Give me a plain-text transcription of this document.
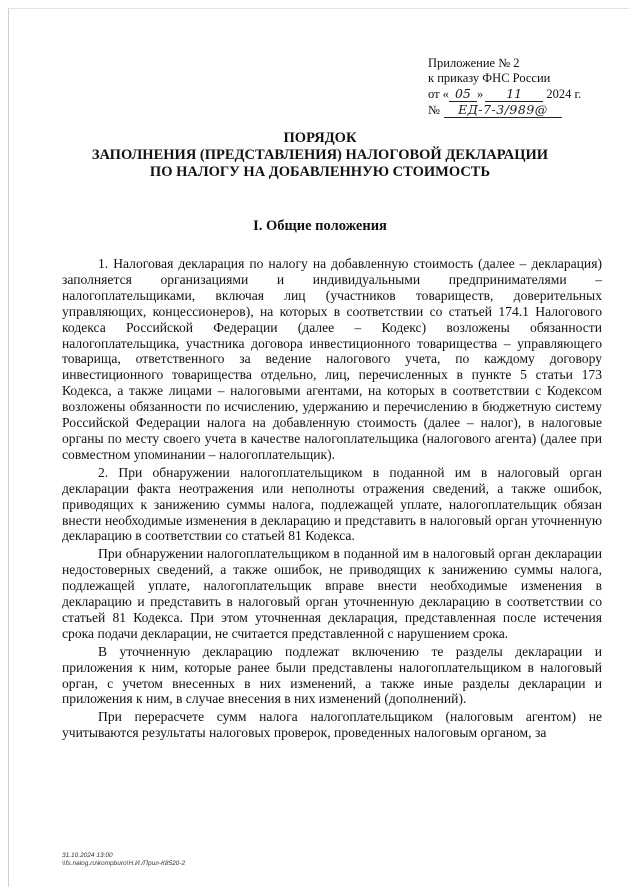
Приложение № 2
к приказу ФНС России
от « 05 » 11 2024 г.
№ ЕД-7-3/989@
ПОРЯДОК
ЗАПОЛНЕНИЯ (ПРЕДСТАВЛЕНИЯ) НАЛОГОВОЙ ДЕКЛАРАЦИИ
ПО НАЛОГУ НА ДОБАВЛЕННУЮ СТОИМОСТЬ
I. Общие положения

1. Налоговая декларация по налогу на добавленную стоимость (далее – декларация) заполняется организациями и индивидуальными предпринимателями – налогоплательщиками, включая лиц (участников товариществ, доверительных управляющих, концессионеров), на которых в соответствии со статьей 174.1 Налогового кодекса Российской Федерации (далее – Кодекс) возложены обязанности налогоплательщика, участника договора инвестиционного товарищества – управляющего товарища, ответственного за ведение налогового учета, по каждому договору инвестиционного товарищества отдельно, лиц, перечисленных в пункте 5 статьи 173 Кодекса, а также лицами – налоговыми агентами, на которых в соответствии с Кодексом возложены обязанности по исчислению, удержанию и перечислению в бюджетную систему Российской Федерации налога на добавленную стоимость (далее – налог), в налоговые органы по месту своего учета в качестве налогоплательщика (налогового агента) (далее при совместном упоминании – налогоплательщик).

2. При обнаружении налогоплательщиком в поданной им в налоговый орган декларации факта неотражения или неполноты отражения сведений, а также ошибок, приводящих к занижению суммы налога, подлежащей уплате, налогоплательщик обязан внести необходимые изменения в декларацию и представить в налоговый орган уточненную декларацию в соответствии со статьей 81 Кодекса.

При обнаружении налогоплательщиком в поданной им в налоговый орган декларации недостоверных сведений, а также ошибок, не приводящих к занижению суммы налога, подлежащей уплате, налогоплательщик вправе внести необходимые изменения в декларацию и представить в налоговый орган уточненную декларацию в соответствии со статьей 81 Кодекса. При этом уточненная декларация, представленная после истечения срока подачи декларации, не считается представленной с нарушением срока.

В уточненную декларацию подлежат включению те разделы декларации и приложения к ним, которые ранее были представлены налогоплательщиком в налоговый орган, с учетом внесенных в них изменений, а также иные разделы декларации и приложения к ним, в случае внесения в них изменений (дополнений).

При перерасчете сумм налога налогоплательщиком (налоговым агентом) не учитываются результаты налоговых проверок, проведенных налоговым органом, за

31.10.2024 13:00
\\fs.nalog.ru\kompburo\Н.И./Прил-К8520-2
